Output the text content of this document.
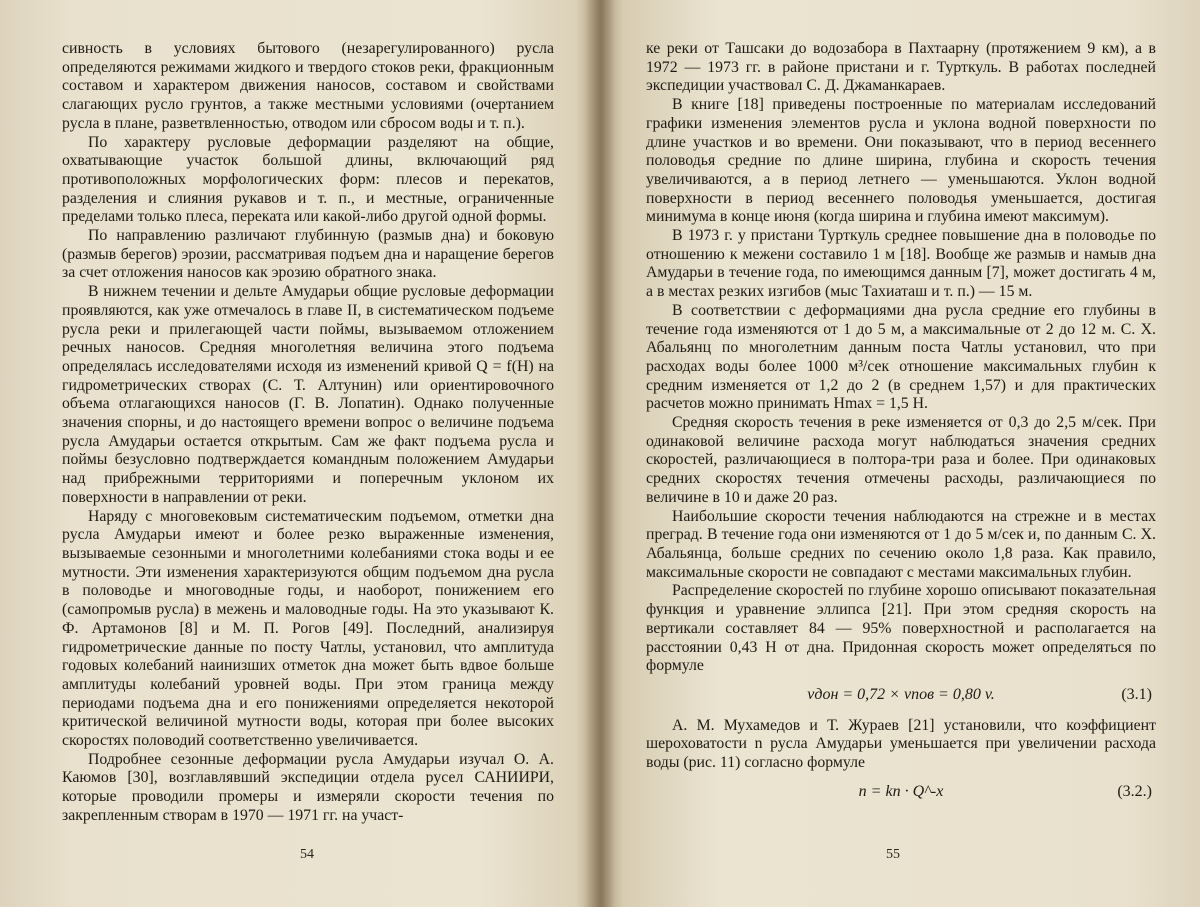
сивность в условиях бытового (незарегулированного) русла определяются режимами жидкого и твердого стоков реки, фракционным составом и характером движения наносов, составом и свойствами слагающих русло грунтов, а также местными условиями (очертанием русла в плане, разветвленностью, отводом или сбросом воды и т. п.).

По характеру русловые деформации разделяют на общие, охватывающие участок большой длины, включающий ряд противоположных морфологических форм: плесов и перекатов, разделения и слияния рукавов и т. п., и местные, ограниченные пределами только плеса, переката или какой-либо другой одной формы.

По направлению различают глубинную (размыв дна) и боковую (размыв берегов) эрозии, рассматривая подъем дна и наращение берегов за счет отложения наносов как эрозию обратного знака.

В нижнем течении и дельте Амударьи общие русловые деформации проявляются, как уже отмечалось в главе II, в систематическом подъеме русла реки и прилегающей части поймы, вызываемом отложением речных наносов. Средняя многолетняя величина этого подъема определялась исследователями исходя из изменений кривой Q = f(H) на гидрометрических створах (С. Т. Алтунин) или ориентировочного объема отлагающихся наносов (Г. В. Лопатин). Однако полученные значения спорны, и до настоящего времени вопрос о величине подъема русла Амударьи остается открытым. Сам же факт подъема русла и поймы безусловно подтверждается командным положением Амударьи над прибрежными территориями и поперечным уклоном их поверхности в направлении от реки.

Наряду с многовековым систематическим подъемом, отметки дна русла Амударьи имеют и более резко выраженные изменения, вызываемые сезонными и многолетними колебаниями стока воды и ее мутности. Эти изменения характеризуются общим подъемом дна русла в половодье и многоводные годы, и наоборот, понижением его (самопромыв русла) в межень и маловодные годы. На это указывают К. Ф. Артамонов [8] и М. П. Рогов [49]. Последний, анализируя гидрометрические данные по посту Чатлы, установил, что амплитуда годовых колебаний наинизших отметок дна может быть вдвое больше амплитуды колебаний уровней воды. При этом граница между периодами подъема дна и его понижениями определяется некоторой критической величиной мутности воды, которая при более высоких скоростях половодий соответственно увеличивается.

Подробнее сезонные деформации русла Амударьи изучал О. А. Каюмов [30], возглавлявший экспедиции отдела русел САНИИРИ, которые проводили промеры и измеряли скорости течения по закрепленным створам в 1970 — 1971 гг. на участ-

54

ке реки от Ташсаки до водозабора в Пахтаарну (протяжением 9 км), а в 1972 — 1973 гг. в районе пристани и г. Турткуль. В работах последней экспедиции участвовал С. Д. Джаманкараев.

В книге [18] приведены построенные по материалам исследований графики изменения элементов русла и уклона водной поверхности по длине участков и во времени. Они показывают, что в период весеннего половодья средние по длине ширина, глубина и скорость течения увеличиваются, а в период летнего — уменьшаются. Уклон водной поверхности в период весеннего половодья уменьшается, достигая минимума в конце июня (когда ширина и глубина имеют максимум).

В 1973 г. у пристани Турткуль среднее повышение дна в половодье по отношению к межени составило 1 м [18]. Вообще же размыв и намыв дна Амударьи в течение года, по имеющимся данным [7], может достигать 4 м, а в местах резких изгибов (мыс Тахиаташ и т. п.) — 15 м.

В соответствии с деформациями дна русла средние его глубины в течение года изменяются от 1 до 5 м, а максимальные от 2 до 12 м. С. Х. Абальянц по многолетним данным поста Чатлы установил, что при расходах воды более 1000 м³/сек отношение максимальных глубин к средним изменяется от 1,2 до 2 (в среднем 1,57) и для практических расчетов можно принимать Hmax = 1,5 H.

Средняя скорость течения в реке изменяется от 0,3 до 2,5 м/сек. При одинаковой величине расхода могут наблюдаться значения средних скоростей, различающиеся в полтора-три раза и более. При одинаковых средних скоростях течения отмечены расходы, различающиеся по величине в 10 и даже 20 раз.

Наибольшие скорости течения наблюдаются на стрежне и в местах преград. В течение года они изменяются от 1 до 5 м/сек и, по данным С. Х. Абальянца, больше средних по сечению около 1,8 раза. Как правило, максимальные скорости не совпадают с местами максимальных глубин.

Распределение скоростей по глубине хорошо описывают показательная функция и уравнение эллипса [21]. При этом средняя скорость на вертикали составляет 84 — 95% поверхностной и располагается на расстоянии 0,43 H от дна. Придонная скорость может определяться по формуле

vдон = 0,72 × vпов = 0,80 v.	(3.1)

А. М. Мухамедов и Т. Жураев [21] установили, что коэффициент шероховатости n русла Амударьи уменьшается при увеличении расхода воды (рис. 11) согласно формуле

n = kn · Q^-x	(3.2.)
55
